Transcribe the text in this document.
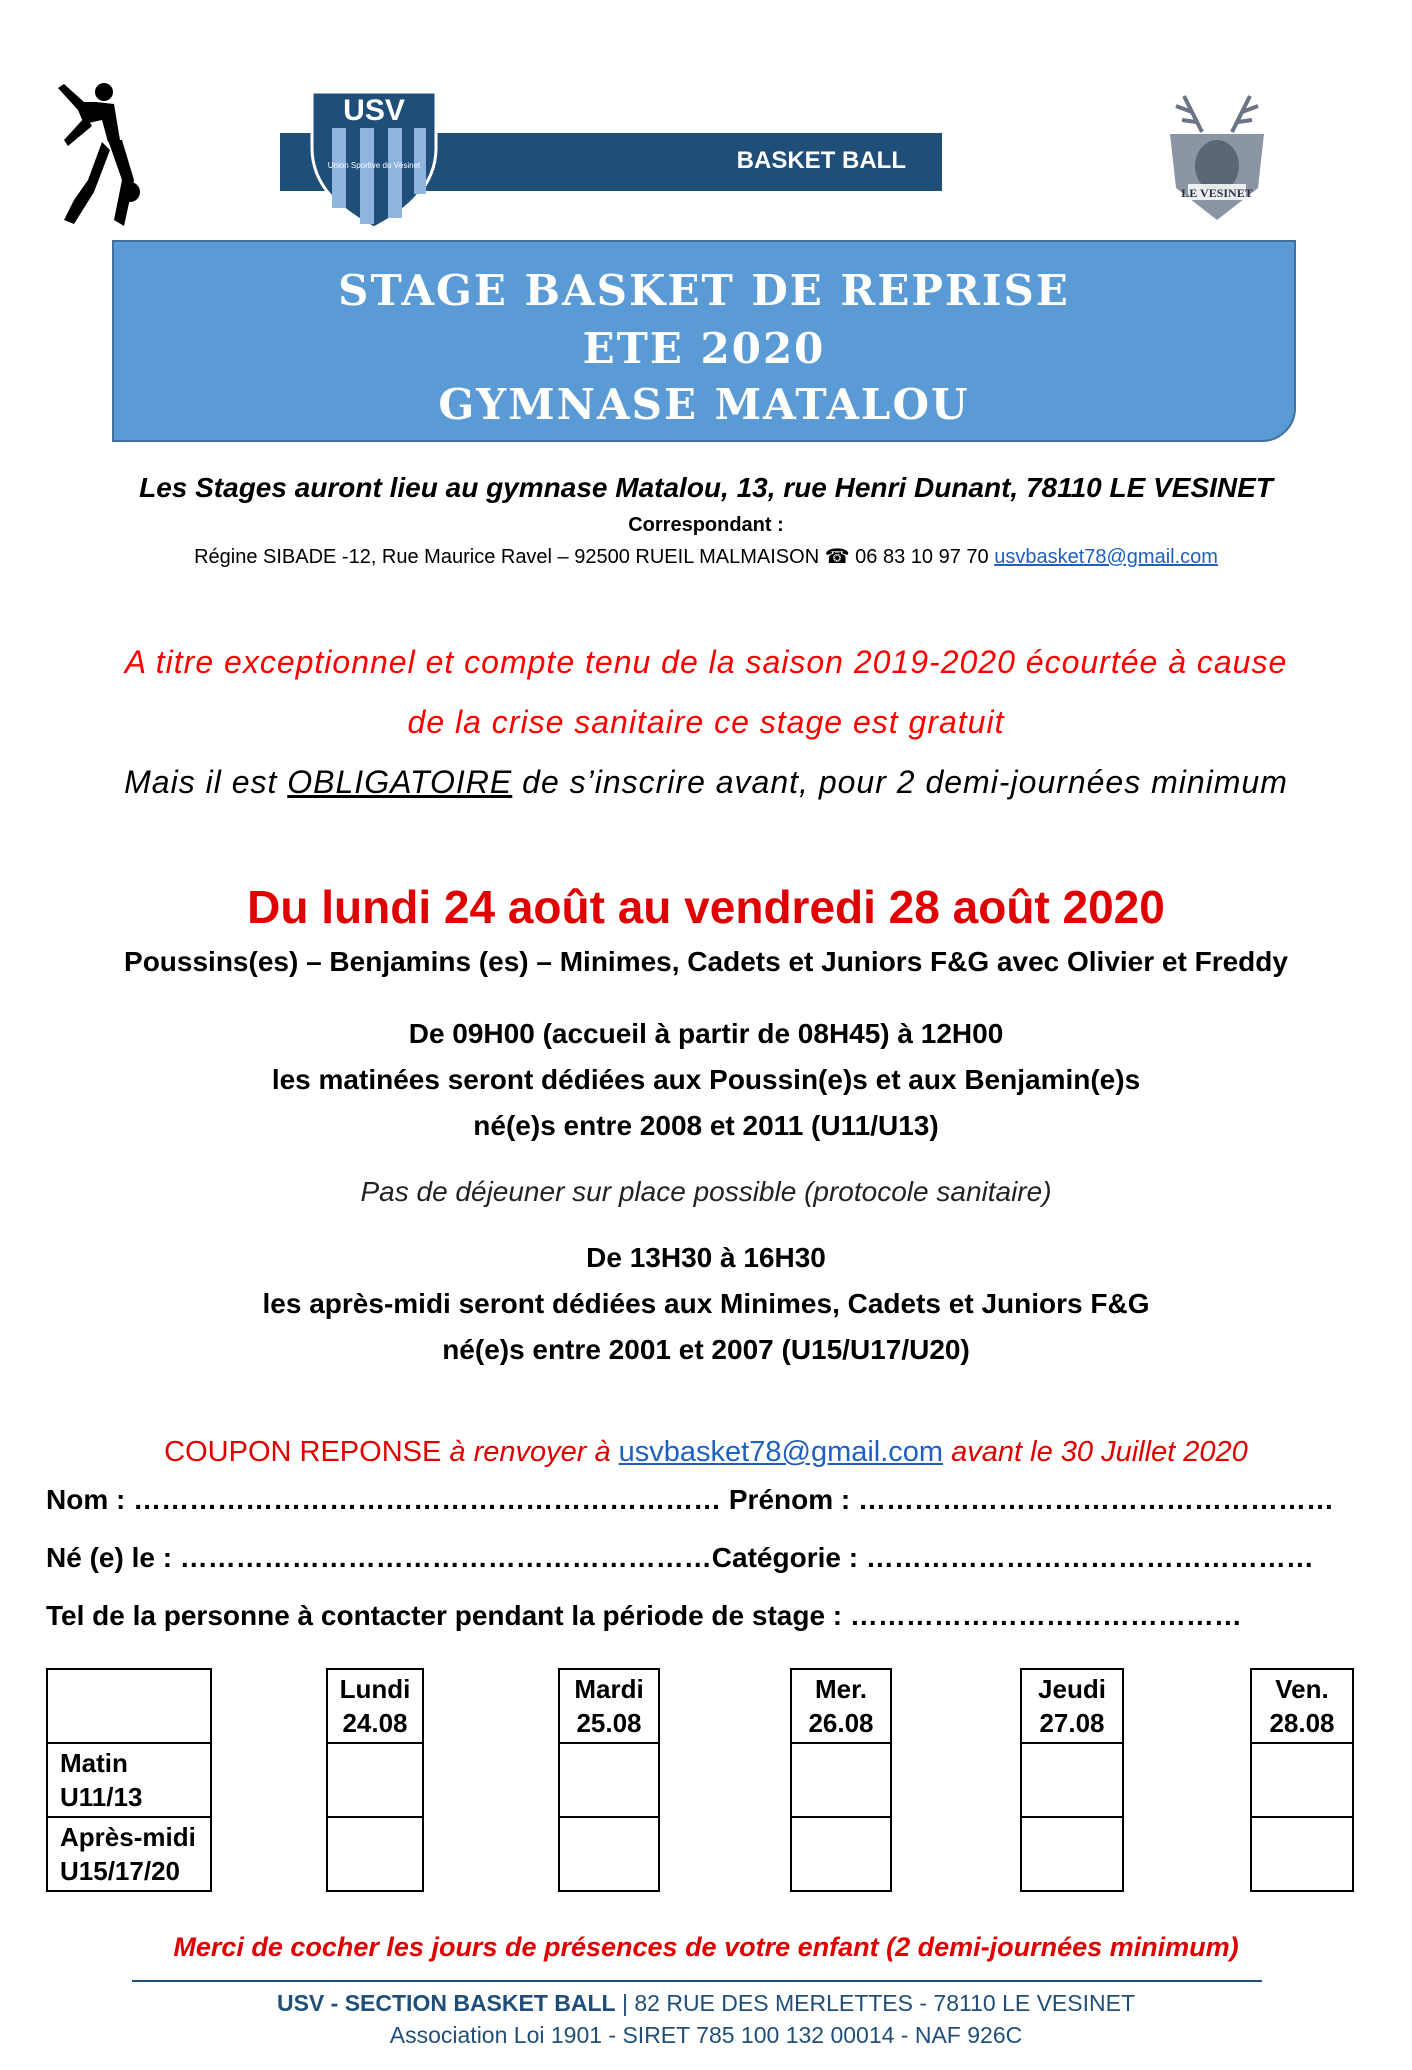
BASKET BALL
USV
Union Sportive du Vésinet
LE VESINET
STAGE BASKET DE REPRISE
ETE 2020
GYMNASE MATALOU
Les Stages auront lieu au gymnase Matalou, 13, rue Henri Dunant, 78110 LE VESINET
Correspondant :
Régine SIBADE -12, Rue Maurice Ravel – 92500 RUEIL MALMAISON ☎ 06 83 10 97 70 usvbasket78@gmail.com
A titre exceptionnel et compte tenu de la saison 2019-2020 écourtée à cause
de la crise sanitaire ce stage est gratuit
Mais il est OBLIGATOIRE de s’inscrire avant, pour 2 demi-journées minimum
Du lundi 24 août au vendredi 28 août 2020
Poussins(es) – Benjamins (es) – Minimes, Cadets et Juniors F&G avec Olivier et Freddy
De 09H00 (accueil à partir de 08H45) à 12H00
les matinées seront dédiées aux Poussin(e)s et aux Benjamin(e)s
né(e)s entre 2008 et 2011 (U11/U13)
Pas de déjeuner sur place possible (protocole sanitaire)
De 13H30 à 16H30
les après-midi seront dédiées aux Minimes, Cadets et Juniors F&G
né(e)s entre 2001 et 2007 (U15/U17/U20)
COUPON REPONSE à renvoyer à usvbasket78@gmail.com avant le 30 Juillet 2020
Nom : ……………………………………………………… Prénom : ……………………………………………
Né (e) le : …………………………………………………Catégorie : …………………………………………
Tel de la personne à contacter pendant la période de stage : ……………………………………
Matin
U11/13
Après-midi
U15/17/20
Lundi
24.08
Mardi
25.08
Mer.
26.08
Jeudi
27.08
Ven.
28.08
Merci de cocher les jours de présences de votre enfant (2 demi-journées minimum)
USV - SECTION BASKET BALL | 82 RUE DES MERLETTES - 78110 LE VESINET
Association Loi 1901 - SIRET 785 100 132 00014 - NAF 926C
